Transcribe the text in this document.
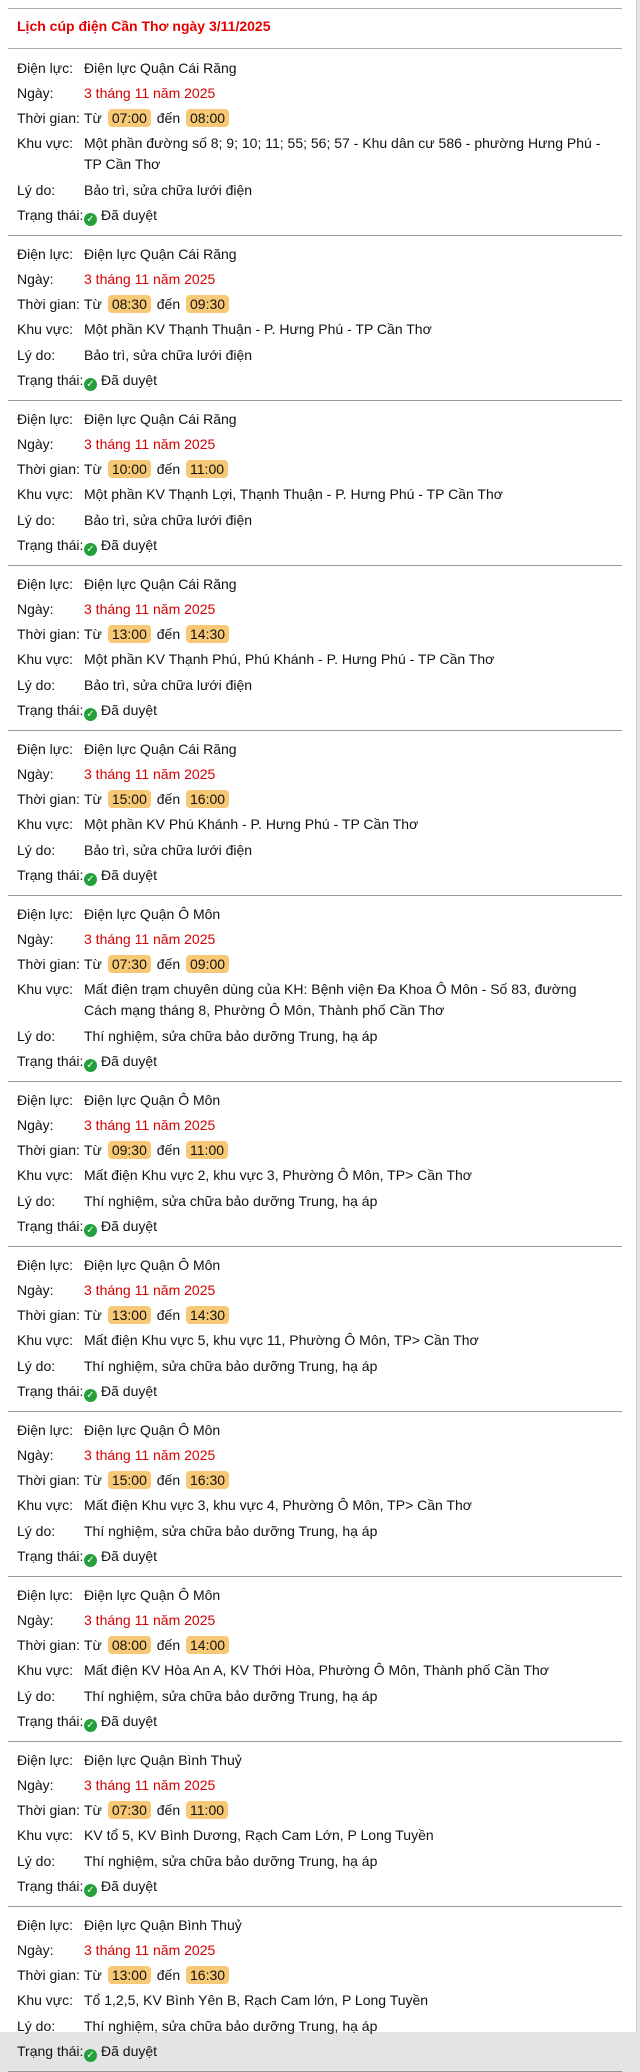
Lịch cúp điện Cần Thơ ngày 3/11/2025
Điện lực: Điện lực Quận Cái Răng
Ngày:	3 tháng 11 năm 2025
Thời gian: Từ 07:00 đến 08:00
Khu vực: Một phần đường số 8; 9; 10; 11; 55; 56; 57 - Khu dân cư 586 - phường Hưng Phú - TP Cần Thơ
Lý do:	Bảo trì, sửa chữa lưới điện
Trạng thái: ✓ Đã duyệt
Điện lực: Điện lực Quận Cái Răng
Ngày:	3 tháng 11 năm 2025
Thời gian: Từ 08:30 đến 09:30
Khu vực: Một phần KV Thạnh Thuận - P. Hưng Phú - TP Cần Thơ
Lý do:	Bảo trì, sửa chữa lưới điện
Trạng thái: ✓ Đã duyệt
Điện lực: Điện lực Quận Cái Răng
Ngày:	3 tháng 11 năm 2025
Thời gian: Từ 10:00 đến 11:00
Khu vực: Một phần KV Thạnh Lợi, Thạnh Thuận - P. Hưng Phú - TP Cần Thơ
Lý do:	Bảo trì, sửa chữa lưới điện
Trạng thái: ✓ Đã duyệt
Điện lực: Điện lực Quận Cái Răng
Ngày:	3 tháng 11 năm 2025
Thời gian: Từ 13:00 đến 14:30
Khu vực: Một phần KV Thạnh Phú, Phú Khánh - P. Hưng Phú - TP Cần Thơ
Lý do:	Bảo trì, sửa chữa lưới điện
Trạng thái: ✓ Đã duyệt
Điện lực: Điện lực Quận Cái Răng
Ngày:	3 tháng 11 năm 2025
Thời gian: Từ 15:00 đến 16:00
Khu vực: Một phần KV Phú Khánh - P. Hưng Phú - TP Cần Thơ
Lý do:	Bảo trì, sửa chữa lưới điện
Trạng thái: ✓ Đã duyệt
Điện lực: Điện lực Quận Ô Môn
Ngày:	3 tháng 11 năm 2025
Thời gian: Từ 07:30 đến 09:00
Khu vực: Mất điện trạm chuyên dùng của KH: Bệnh viện Đa Khoa Ô Môn - Số 83, đường Cách mạng tháng 8, Phường Ô Môn, Thành phố Cần Thơ
Lý do:	Thí nghiệm, sửa chữa bảo dưỡng Trung, hạ áp
Trạng thái: ✓ Đã duyệt
Điện lực: Điện lực Quận Ô Môn
Ngày:	3 tháng 11 năm 2025
Thời gian: Từ 09:30 đến 11:00
Khu vực: Mất điện Khu vực 2, khu vực 3, Phường Ô Môn, TP> Cần Thơ
Lý do:	Thí nghiệm, sửa chữa bảo dưỡng Trung, hạ áp
Trạng thái: ✓ Đã duyệt
Điện lực: Điện lực Quận Ô Môn
Ngày:	3 tháng 11 năm 2025
Thời gian: Từ 13:00 đến 14:30
Khu vực: Mất điện Khu vực 5, khu vực 11, Phường Ô Môn, TP> Cần Thơ
Lý do:	Thí nghiệm, sửa chữa bảo dưỡng Trung, hạ áp
Trạng thái: ✓ Đã duyệt
Điện lực: Điện lực Quận Ô Môn
Ngày:	3 tháng 11 năm 2025
Thời gian: Từ 15:00 đến 16:30
Khu vực: Mất điện Khu vực 3, khu vực 4, Phường Ô Môn, TP> Cần Thơ
Lý do:	Thí nghiệm, sửa chữa bảo dưỡng Trung, hạ áp
Trạng thái: ✓ Đã duyệt
Điện lực: Điện lực Quận Ô Môn
Ngày:	3 tháng 11 năm 2025
Thời gian: Từ 08:00 đến 14:00
Khu vực: Mất điện KV Hòa An A, KV Thới Hòa, Phường Ô Môn, Thành phố Cần Thơ
Lý do:	Thí nghiệm, sửa chữa bảo dưỡng Trung, hạ áp
Trạng thái: ✓ Đã duyệt
Điện lực: Điện lực Quận Bình Thuỷ
Ngày:	3 tháng 11 năm 2025
Thời gian: Từ 07:30 đến 11:00
Khu vực: KV tổ 5, KV Bình Dương, Rạch Cam Lớn, P Long Tuyền
Lý do:	Thí nghiệm, sửa chữa bảo dưỡng Trung, hạ áp
Trạng thái: ✓ Đã duyệt
Điện lực: Điện lực Quận Bình Thuỷ
Ngày:	3 tháng 11 năm 2025
Thời gian: Từ 13:00 đến 16:30
Khu vực: Tổ 1,2,5, KV Bình Yên B, Rạch Cam lớn, P Long Tuyền
Lý do:	Thí nghiệm, sửa chữa bảo dưỡng Trung, hạ áp
Trạng thái: ✓ Đã duyệt
